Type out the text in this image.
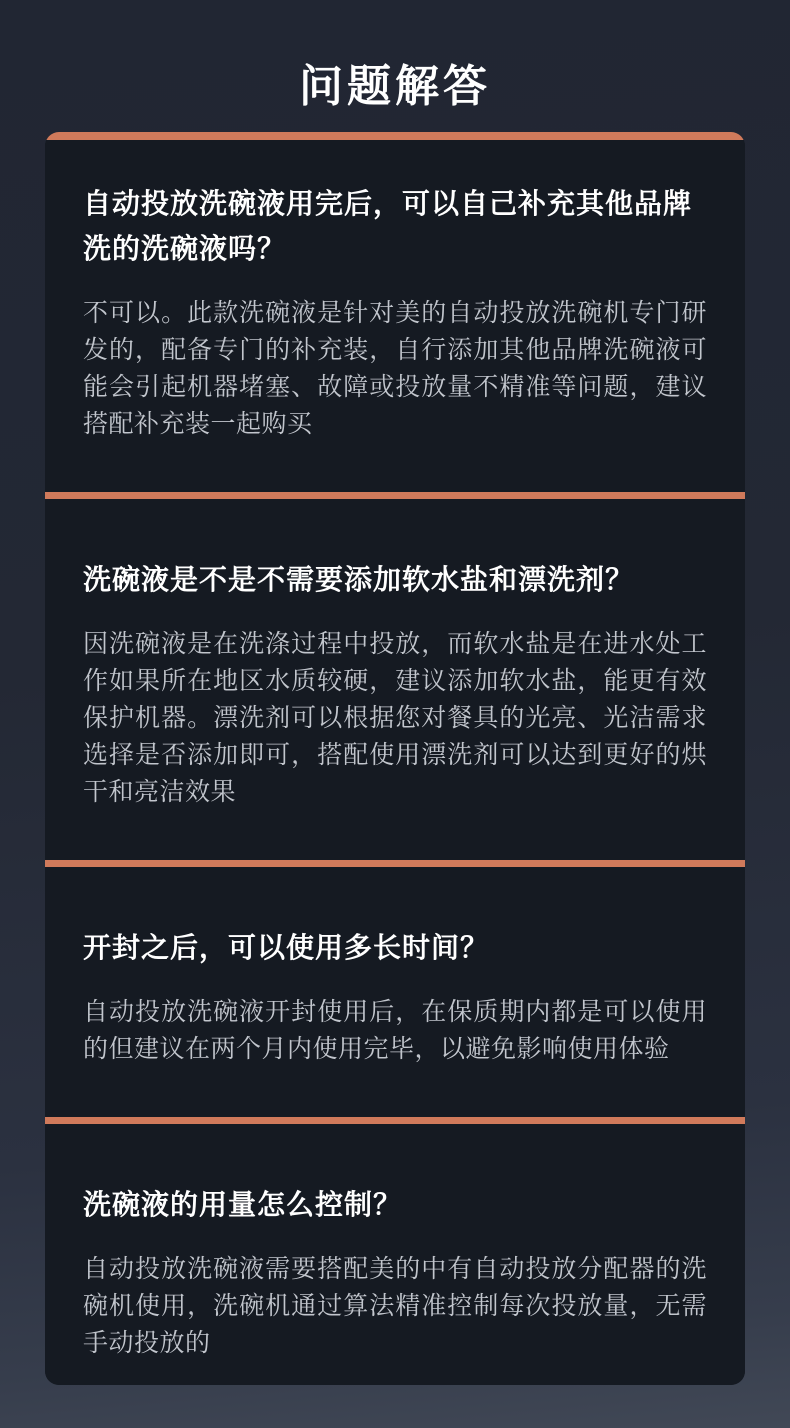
问题解答
自动投放洗碗液用完后，可以自己补充其他品牌洗的洗碗液吗？

不可以。此款洗碗液是针对美的自动投放洗碗机专门研发的，配备专门的补充装，自行添加其他品牌洗碗液可能会引起机器堵塞、故障或投放量不精准等问题，建议搭配补充装一起购买

洗碗液是不是不需要添加软水盐和漂洗剂？

因洗碗液是在洗涤过程中投放，而软水盐是在进水处工作如果所在地区水质较硬，建议添加软水盐，能更有效保护机器。漂洗剂可以根据您对餐具的光亮、光洁需求选择是否添加即可，搭配使用漂洗剂可以达到更好的烘干和亮洁效果

开封之后，可以使用多长时间？

自动投放洗碗液开封使用后，在保质期内都是可以使用的但建议在两个月内使用完毕，以避免影响使用体验

洗碗液的用量怎么控制？

自动投放洗碗液需要搭配美的中有自动投放分配器的洗碗机使用，洗碗机通过算法精准控制每次投放量，无需手动投放的
